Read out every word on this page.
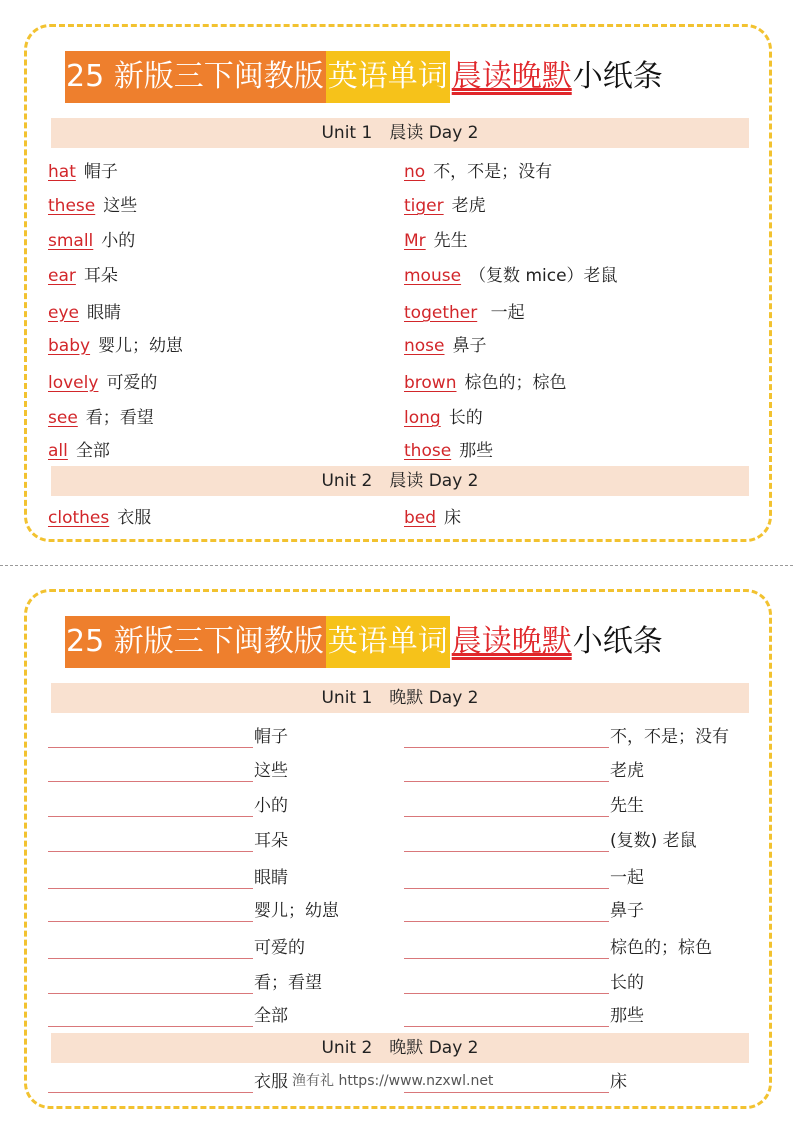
25 新版三下闽教版 英语单词 晨读晚默 小纸条
Unit 1　晨读 Day 2
hat 帽子
these 这些
small 小的
ear 耳朵
eye 眼睛
baby 婴儿；幼崽
lovely 可爱的
see 看；看望
all 全部
no 不，不是；没有
tiger 老虎
Mr 先生
mouse （复数 mice）老鼠
together 一起
nose 鼻子
brown 棕色的；棕色
long 长的
those 那些
Unit 2　晨读 Day 2
clothes 衣服	bed 床
25 新版三下闽教版 英语单词 晨读晚默 小纸条
Unit 1　晚默 Day 2
帽子
这些
小的
耳朵
眼睛
婴儿；幼崽
可爱的
看；看望
全部
不，不是；没有
老虎
先生
(复数) 老鼠
一起
鼻子
棕色的；棕色
长的
那些
Unit 2　晚默 Day 2
衣服	床
渔有礼 https://www.nzxwl.net
